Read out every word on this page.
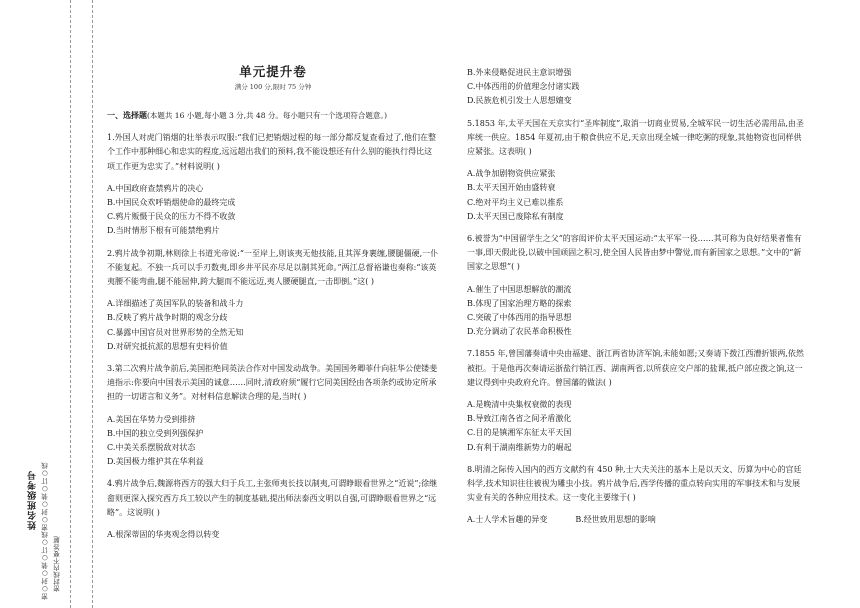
姓名班级考号 密○封○装○订○线密○封○装○订○线 密封线内不要答题
单元提升卷
满分 100 分,限时 75 分钟

一、选择题(本题共 16 小题,每小题 3 分,共 48 分。每小题只有一个选项符合题意。)

1.外国人对虎门销烟的壮举表示叹服:“我们已把销烟过程的每一部分都反复查看过了,他们在整个工作中那种细心和忠实的程度,远远超出我们的预料,我不能设想还有什么别的能执行得比这项工作更为忠实了。”材料说明( )

A.中国政府查禁鸦片的决心
B.中国民众欢呼销烟使命的最终完成
C.鸦片贩慑于民众的压力不得不收敛
D.当时情形下根有可能禁绝鸦片

2.鸦片战争初期,林则徐上书道光帝说:“一至岸上,则该夷无他技能,且其浑身裹缠,腰腿僵硬,一仆不能复起。不独一兵可以手刃数夷,即乡井平民亦尽足以制其死命。”两江总督裕谦也奏称:“该英夷腰不能弯曲,腿不能屈伸,跨大腿而不能远迈,夷人腰硬腿直,一击即倒。”这( )

A.详细描述了英国军队的装备和战斗力
B.反映了鸦片战争时期的观念分歧
C.暴露中国官员对世界形势的全然无知
D.对研究抵抗派的思想有史料价值

3.第二次鸦片战争前后,美国拒绝同英法合作对中国发动战争。美国国务卿菲什向驻华公使镂斐迪指示:你要向中国表示美国的诚意……同时,清政府须“履行它同美国经由各项条约或协定所承担的一切诺言和义务”。对材料信息解读合理的是,当时( )

A.美国在华势力受到排挤
B.中国的独立受到列强保护
C.中美关系摆脱敌对状态
D.美国极力维护其在华利益

4.鸦片战争后,魏源将西方的强大归于兵工,主张师夷长技以制夷,可谓睁眼看世界之“近说”;徐继畬则更深入探究西方兵工较以产生的制度基础,提出师法泰西文明以自强,可谓睁眼看世界之“远略”。这说明( )

A.根深蒂固的华夷观念得以转变
B.外来侵略促进民主意识增强
C.中体西用的价值理念付诸实践
D.民族危机引发士人思想嬗变

5.1853 年,太平天国在天京实行“圣库制度”,取消一切商业贸易,全城军民一切生活必需用品,由圣库统一供应。1854 年夏初,由于粮食供应不足,天京出现全城一律吃粥的现象,其他物资也同样供应紧张。这表明( )

A.战争加剧物资供应紧张
B.太平天国开始由盛转衰
C.绝对平均主义已难以推系
D.太平天国已废除私有制度

6.被誉为“中国留学生之父”的容闳评价太平天国运动:“太平军一役……其可称为良好结果者惟有一事,即天假此役,以破中国顽固之积习,使全国人民皆由梦中警觉,而有新国家之思想。”文中的“新国家之思想”( )

A.催生了中国思想解放的潮流
B.体现了国家治理方略的探索
C.突破了中体西用的指导思想
D.充分调动了农民革命积极性

7.1855 年,曾国藩奏请中央由福建、浙江两省协济军饷,未能如愿;又奏请下拨江西漕折银两,依然被拒。于是他再次奏请运浙盐行销江西、湖南两省,以所获应交户部的盐课,抵户部应拨之饷,这一建议得到中央政府允许。曾国藩的做法( )

A.是晚清中央集权衰微的表现
B.导致江南各省之间矛盾激化
C.目的是镇湘军东征太平天国
D.有利于湖南维新势力的崛起

8.明清之际传入国内的西方文献约有 450 种,士大夫关注的基本上是以天文、历算为中心的宫廷科学,技术知识往往被视为雕虫小技。鸦片战争后,西学传播的重点转向实用的军事技术和与发展实业有关的各种应用技术。这一变化主要缘于( )

A.士人学术旨趣的异变	B.经世致用思想的影响
